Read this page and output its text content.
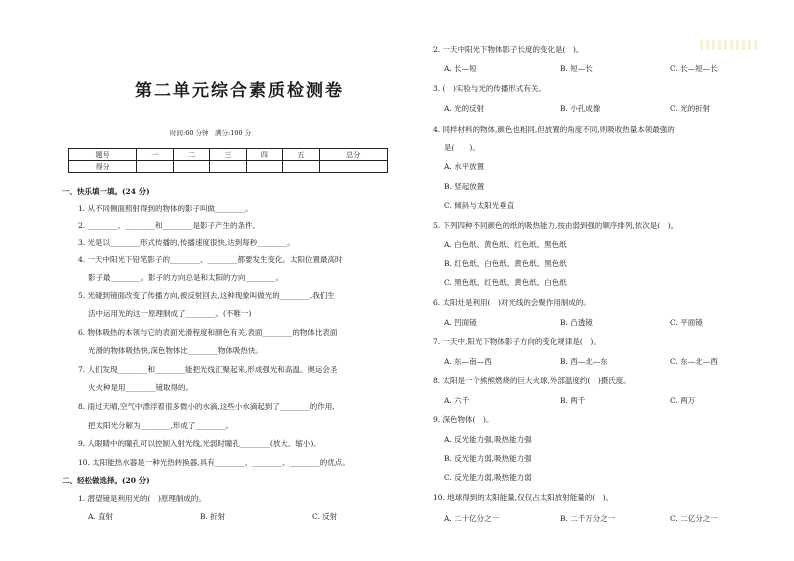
第二单元综合素质检测卷
时间:60 分钟　满分:100 分
题号	一	二	三	四	五	总分
得分						
一、快乐填一填。(24 分)
1. 从不同侧面照射得到的物体的影子叫做________。
2. ________、________和________是影子产生的条件。
3. 光是以________形式传播的,传播速度很快,达到每秒________。
4. 一天中阳光下铅笔影子的________、________都要发生变化。太阳位置最高时
影子最________。影子的方向总是和太阳的方向________。
5. 光碰到镜面改变了传播方向,被反射回去,这种现象叫做光的________,我们生
活中运用光的这一原理制成了________。(不唯一)
6. 物体吸热的本领与它的表面光滑程度和颜色有关,表面________的物体比表面
光滑的物体吸热快,深色物体比________物体吸热快。
7. 人们发现________和________能把光线汇聚起来,形成强光和高温。奥运会圣
火火种是用________镜取得的。
8. 雨过天晴,空气中漂浮着很多微小的水滴,这些小水滴起到了________的作用,
把太阳光分解为________,形成了________。
9. 人眼睛中的瞳孔可以控制入射光线,光弱时瞳孔________(放大、缩小)。
10. 太阳能热水器是一种光热转换器,具有________、________、________的优点。
二、轻松做选择。(20 分)
1. 潜望镜是利用光的(　)原理制成的。
A. 直射	B. 折射	C. 反射
2. 一天中阳光下物体影子长度的变化是(　)。
A. 长—短	B. 短—长	C. 长—短—长
3. (　)实验与光的传播形式有关。
A. 光的反射	B. 小孔成像	C. 光的折射
4. 同样材料的物体,颜色也相同,但放置的角度不同,则吸收热量本领最强的
是(　　)。
A. 水平放置
B. 竖起放置
C. 倾斜与太阳光垂直
5. 下列四种不同颜色的纸的吸热能力,按由弱到强的顺序排列,依次是(　)。
A. 白色纸、黄色纸、红色纸、黑色纸
B. 红色纸、白色纸、黄色纸、黑色纸
C. 黑色纸、红色纸、黄色纸、白色纸
6. 太阳灶是利用(　)对光线的会聚作用制成的。
A. 凹面镜	B. 凸透镜	C. 平面镜
7. 一天中,阳光下物体影子方向的变化规律是(　)。
A. 东—南—西	B. 西—北—东	C. 东—北—西
8. 太阳是一个熊熊燃烧的巨大火球,外部温度约(　)摄氏度。
A. 六千	B. 两千	C. 两万
9. 深色物体(　)。
A. 反光能力强,吸热能力强
B. 反光能力弱,吸热能力强
C. 反光能力弱,吸热能力弱
10. 地球得到的太阳能量,仅仅占太阳放射能量的(　)。
A. 二十亿分之一	B. 二千万分之一	C. 二亿分之一
